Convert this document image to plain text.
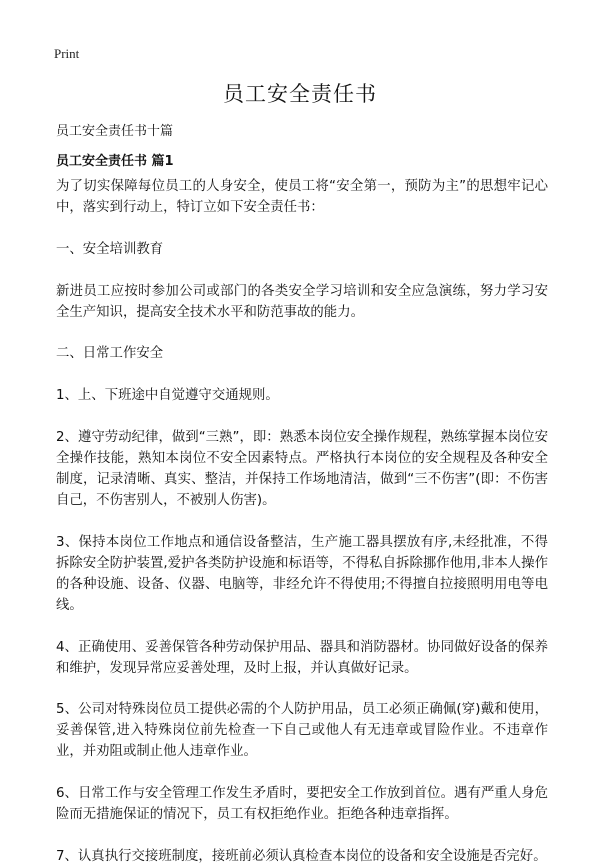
Print
员工安全责任书
员工安全责任书十篇
员工安全责任书 篇1

为了切实保障每位员工的人身安全，使员工将“安全第一，预防为主”的思想牢记心中，落实到行动上，特订立如下安全责任书：

一、安全培训教育

新进员工应按时参加公司或部门的各类安全学习培训和安全应急演练，努力学习安全生产知识，提高安全技术水平和防范事故的能力。

二、日常工作安全

1、上、下班途中自觉遵守交通规则。

2、遵守劳动纪律，做到“三熟”，即：熟悉本岗位安全操作规程，熟练掌握本岗位安全操作技能，熟知本岗位不安全因素特点。严格执行本岗位的安全规程及各种安全制度，记录清晰、真实、整洁，并保持工作场地清洁，做到“三不伤害”(即：不伤害自己，不伤害别人，不被别人伤害)。

3、保持本岗位工作地点和通信设备整洁，生产施工器具摆放有序,未经批准，不得拆除安全防护装置,爱护各类防护设施和标语等，不得私自拆除挪作他用,非本人操作的各种设施、设备、仪器、电脑等，非经允许不得使用;不得擅自拉接照明用电等电线。

4、正确使用、妥善保管各种劳动保护用品、器具和消防器材。协同做好设备的保养和维护，发现异常应妥善处理，及时上报，并认真做好记录。

5、公司对特殊岗位员工提供必需的个人防护用品，员工必须正确佩(穿)戴和使用，妥善保管,进入特殊岗位前先检查一下自己或他人有无违章或冒险作业。不违章作业，并劝阻或制止他人违章作业。

6、日常工作与安全管理工作发生矛盾时，要把安全工作放到首位。遇有严重人身危险而无措施保证的情况下，员工有权拒绝作业。拒绝各种违章指挥。

7、认真执行交接班制度，接班前必须认真检查本岗位的设备和安全设施是否完好。
